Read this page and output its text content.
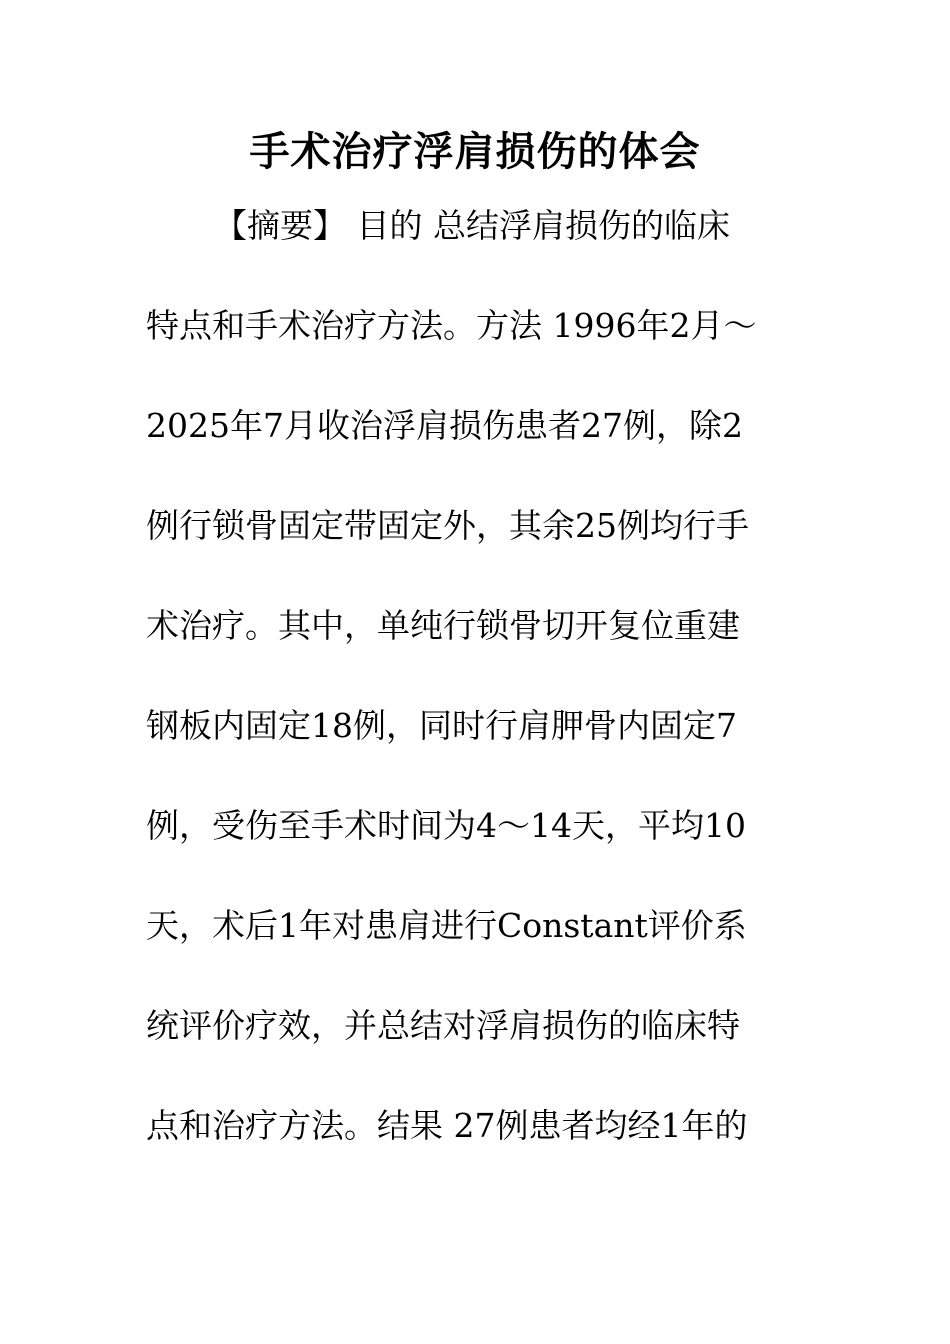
手术治疗浮肩损伤的体会
【摘要】 目的 总结浮肩损伤的临床
特点和手术治疗方法。方法 1996年2月～
2025年7月收治浮肩损伤患者27例，除2
例行锁骨固定带固定外，其余25例均行手
术治疗。其中，单纯行锁骨切开复位重建
钢板内固定18例，同时行肩胛骨内固定7
例，受伤至手术时间为4～14天，平均10
天，术后1年对患肩进行Constant评价系
统评价疗效，并总结对浮肩损伤的临床特
点和治疗方法。结果 27例患者均经1年的
